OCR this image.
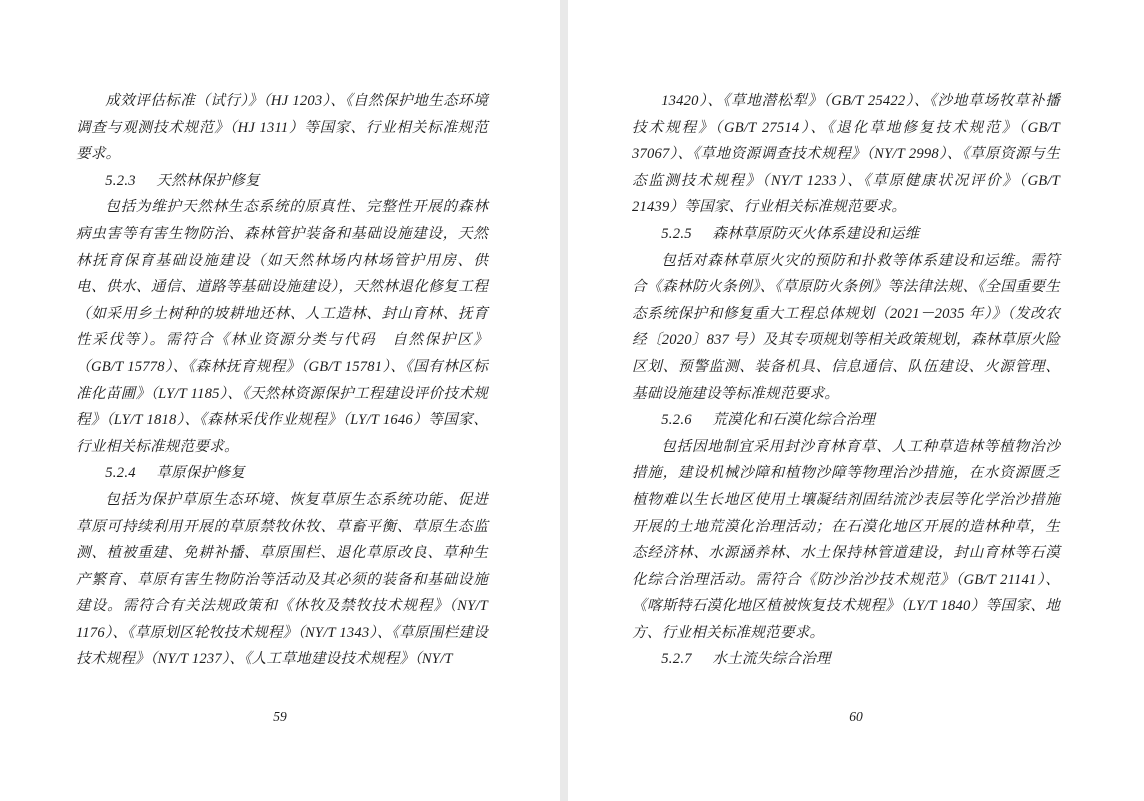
成效评估标准（试行）》（HJ 1203）、《自然保护地生态环境调查与观测技术规范》（HJ 1311）等国家、行业相关标准规范要求。

5.2.3 天然林保护修复

包括为维护天然林生态系统的原真性、完整性开展的森林病虫害等有害生物防治、森林管护装备和基础设施建设，天然林抚育保育基础设施建设（如天然林场内林场管护用房、供电、供水、通信、道路等基础设施建设），天然林退化修复工程（如采用乡土树种的坡耕地还林、人工造林、封山育林、抚育性采伐等）。需符合《林业资源分类与代码　自然保护区》（GB/T 15778）、《森林抚育规程》（GB/T 15781）、《国有林区标准化苗圃》（LY/T 1185）、《天然林资源保护工程建设评价技术规程》（LY/T 1818）、《森林采伐作业规程》（LY/T 1646）等国家、行业相关标准规范要求。

5.2.4 草原保护修复

包括为保护草原生态环境、恢复草原生态系统功能、促进草原可持续利用开展的草原禁牧休牧、草畜平衡、草原生态监测、植被重建、免耕补播、草原围栏、退化草原改良、草种生产繁育、草原有害生物防治等活动及其必须的装备和基础设施建设。需符合有关法规政策和《休牧及禁牧技术规程》（NY/T 1176）、《草原划区轮牧技术规程》（NY/T 1343）、《草原围栏建设技术规程》（NY/T 1237）、《人工草地建设技术规程》（NY/T

59

13420）、《草地潜松犁》（GB/T 25422）、《沙地草场牧草补播技术规程》（GB/T 27514）、《退化草地修复技术规范》（GB/T 37067）、《草地资源调查技术规程》（NY/T 2998）、《草原资源与生态监测技术规程》（NY/T 1233）、《草原健康状况评价》（GB/T 21439）等国家、行业相关标准规范要求。

5.2.5 森林草原防灭火体系建设和运维

包括对森林草原火灾的预防和扑救等体系建设和运维。需符合《森林防火条例》、《草原防火条例》等法律法规、《全国重要生态系统保护和修复重大工程总体规划（2021－2035 年）》（发改农经〔2020〕837 号）及其专项规划等相关政策规划，森林草原火险区划、预警监测、装备机具、信息通信、队伍建设、火源管理、基础设施建设等标准规范要求。

5.2.6 荒漠化和石漠化综合治理

包括因地制宜采用封沙育林育草、人工种草造林等植物治沙措施，建设机械沙障和植物沙障等物理治沙措施，在水资源匮乏植物难以生长地区使用土壤凝结剂固结流沙表层等化学治沙措施开展的土地荒漠化治理活动；在石漠化地区开展的造林种草，生态经济林、水源涵养林、水土保持林管道建设，封山育林等石漠化综合治理活动。需符合《防沙治沙技术规范》（GB/T 21141）、《喀斯特石漠化地区植被恢复技术规程》（LY/T 1840）等国家、地方、行业相关标准规范要求。

5.2.7 水土流失综合治理

60
